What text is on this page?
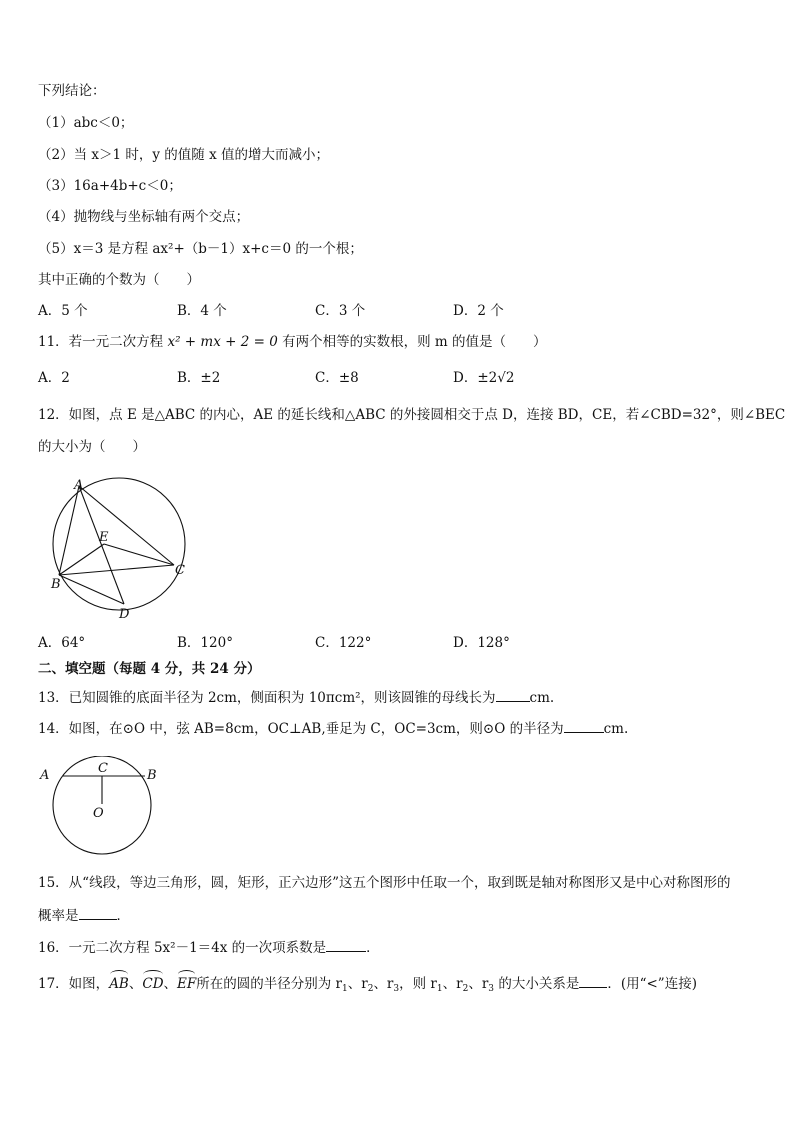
下列结论：
（1）abc＜0；
（2）当 x＞1 时，y 的值随 x 值的增大而减小；
（3）16a+4b+c＜0；
（4）抛物线与坐标轴有两个交点；
（5）x＝3 是方程 ax²+（b－1）x+c＝0 的一个根；
其中正确的个数为（　　）
A．5 个	B．4 个	C．3 个	D．2 个
11．若一元二次方程 x² + mx + 2 = 0 有两个相等的实数根，则 m 的值是（　　）
A．2	B．±2	C．±8	D．±2√2
12．如图，点 E 是△ABC 的内心，AE 的延长线和△ABC 的外接圆相交于点 D，连接 BD，CE，若∠CBD=32°，则∠BEC
的大小为（　　）
A
B
C
D
E
A．64°	B．120°	C．122°	D．128°
二、填空题（每题 4 分，共 24 分）
13．已知圆锥的底面半径为 2cm，侧面积为 10πcm²，则该圆锥的母线长为	cm.
14．如图，在⊙O 中，弦 AB=8cm，OC⊥AB,垂足为 C，OC=3cm，则⊙O 的半径为	cm.
A	B
C
O
15．从“线段，等边三角形，圆，矩形，正六边形”这五个图形中任取一个，取到既是轴对称图形又是中心对称图形的
概率是	．
16．一元二次方程 5x²－1＝4x 的一次项系数是	．
17．如图，AB、CD、EF所在的圆的半径分别为 $r_1$、$r_2$、$r_3$，则 $r_1$、$r_2$、$r_3$ 的大小关系是 ．(用“<”连接)
